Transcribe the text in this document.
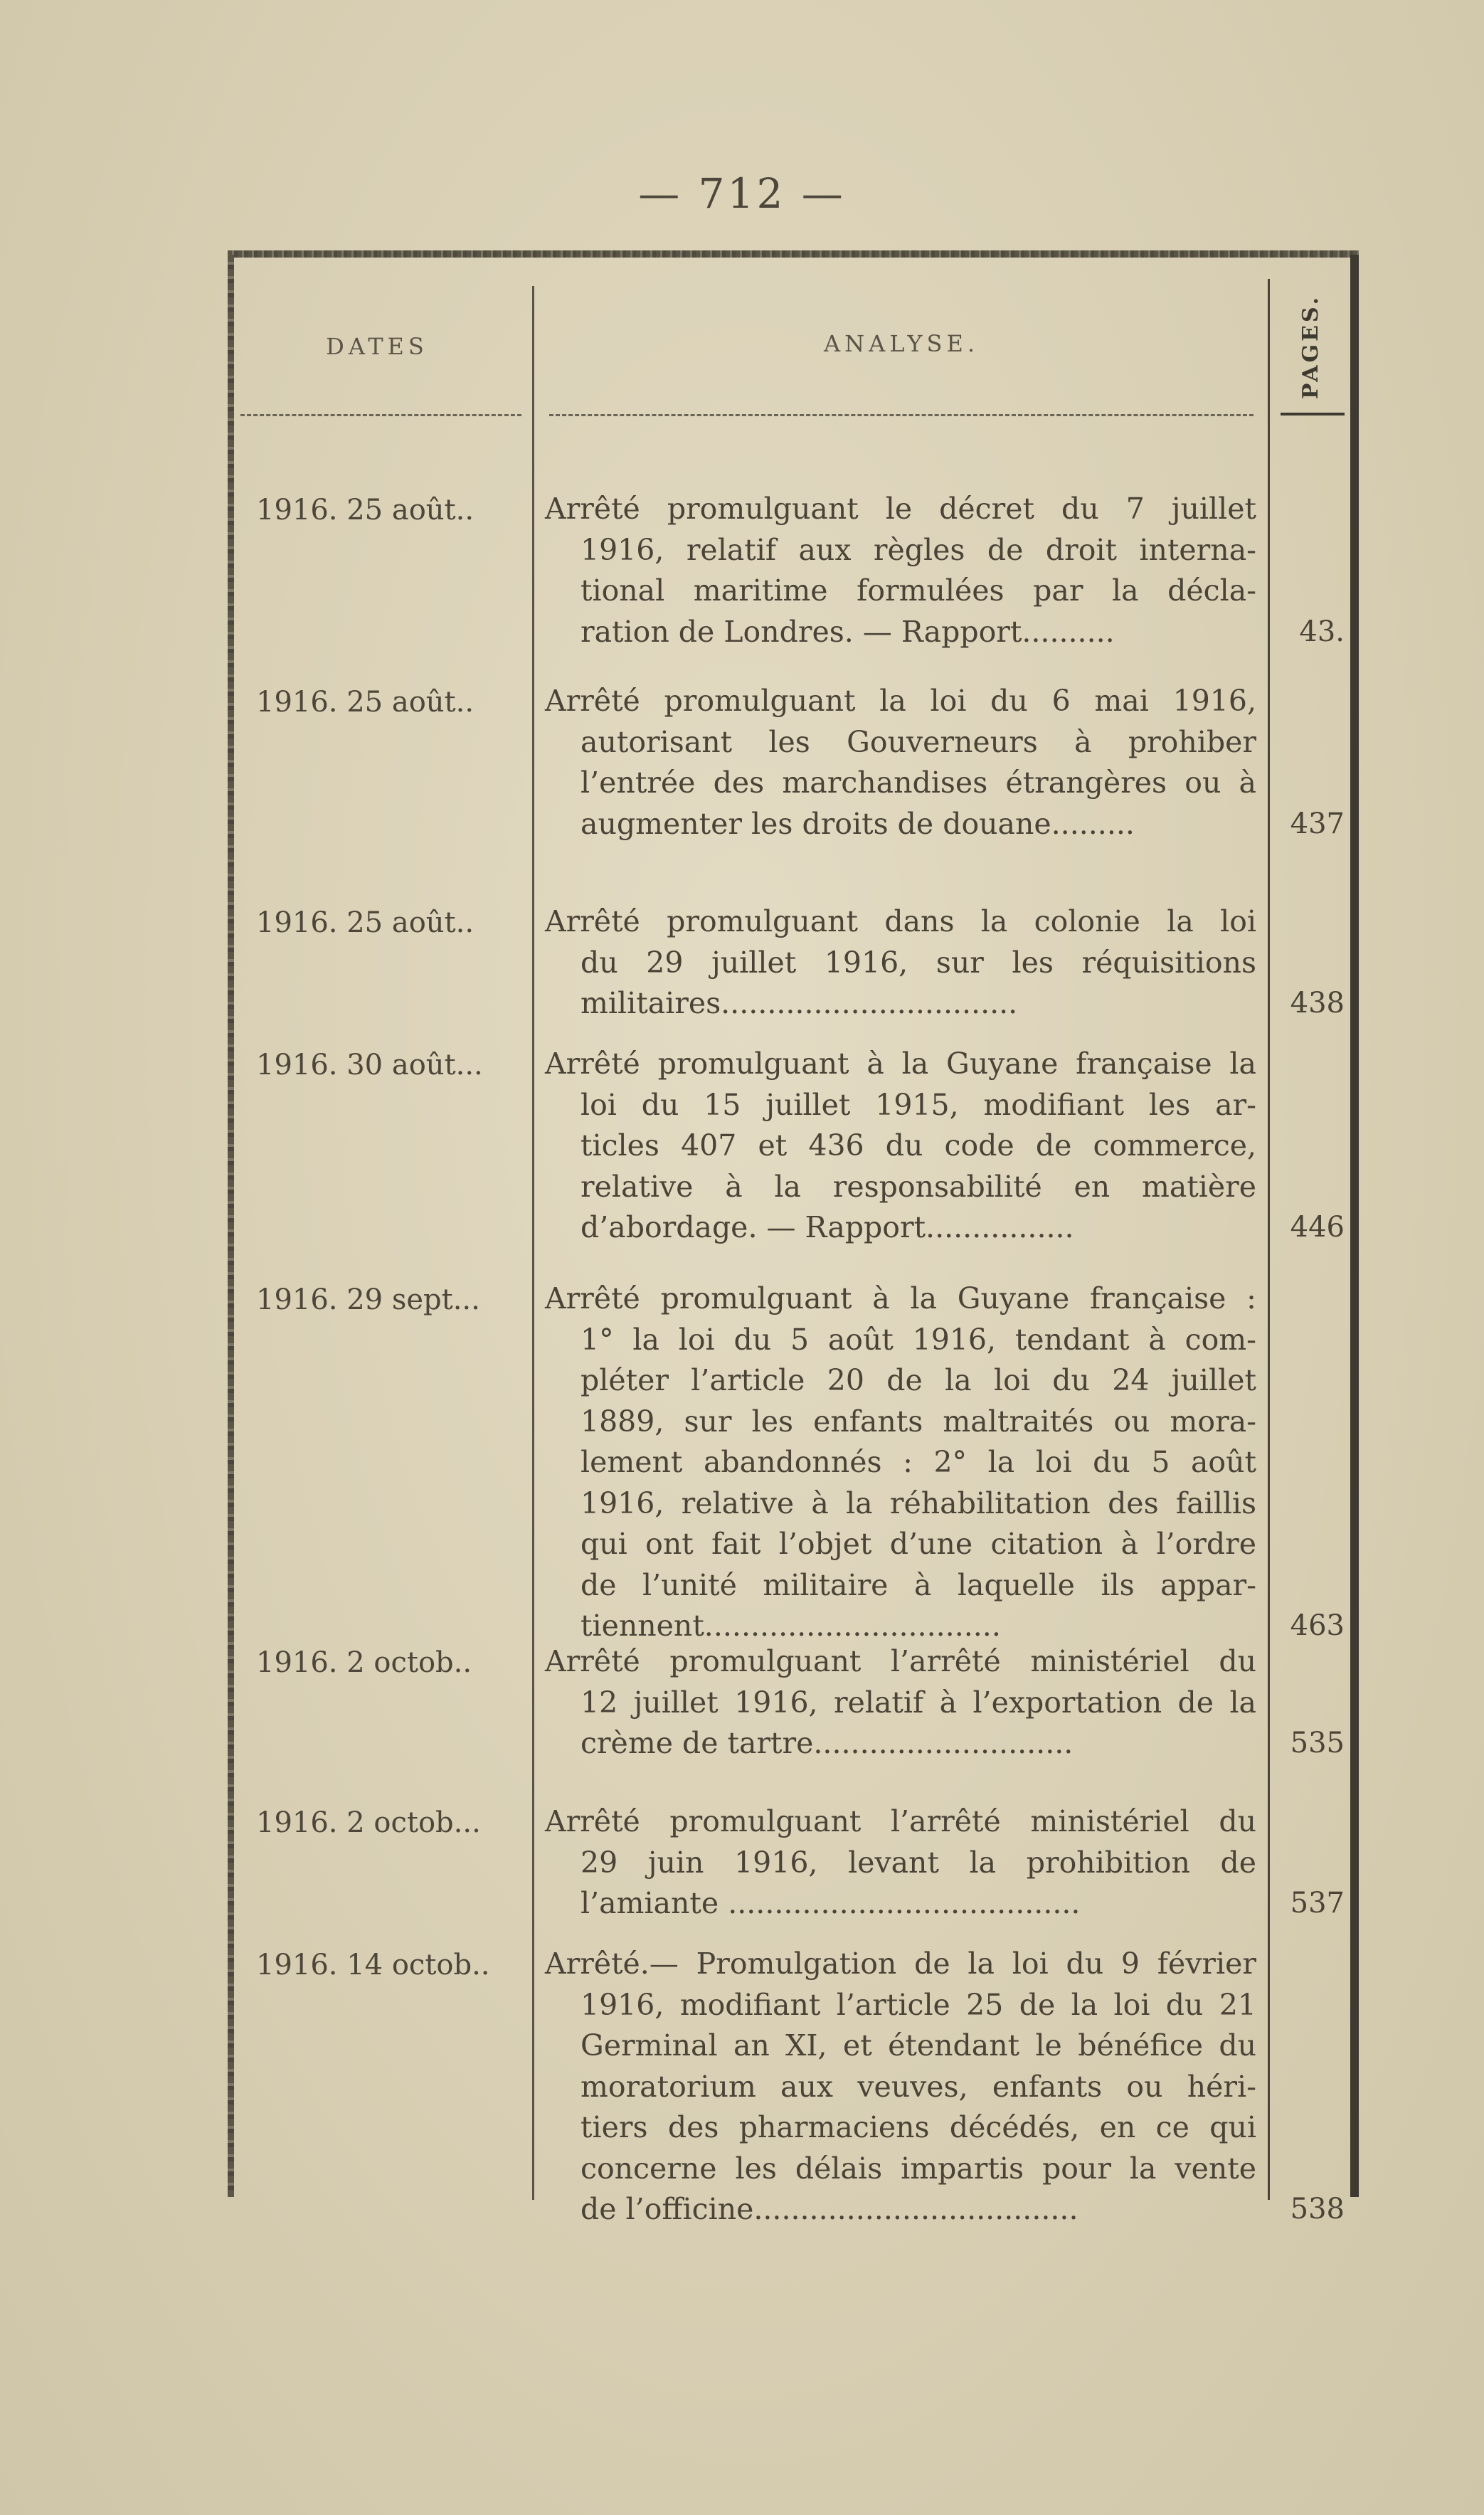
— 712 —
DATES	ANALYSE.	PAGES.
1916. 25 août..	Arrêté promulguant le décret du 7 juillet
1916, relatif aux règles de droit interna-
tional maritime formulées par la décla-
ration de Londres. — Rapport..........	43.
1916. 25 août..	Arrêté promulguant la loi du 6 mai 1916,
autorisant les Gouverneurs à prohiber
l’entrée des marchandises étrangères ou à
augmenter les droits de douane.........	437
1916. 25 août..	Arrêté promulguant dans la colonie la loi
du 29 juillet 1916, sur les réquisitions
militaires................................	438
1916. 30 août...	Arrêté promulguant à la Guyane française la
loi du 15 juillet 1915, modifiant les ar-
ticles 407 et 436 du code de commerce,
relative à la responsabilité en matière
d’abordage. — Rapport................	446
1916. 29 sept...	Arrêté promulguant à la Guyane française :
1° la loi du 5 août 1916, tendant à com-
pléter l’article 20 de la loi du 24 juillet
1889, sur les enfants maltraités ou mora-
lement abandonnés : 2° la loi du 5 août
1916, relative à la réhabilitation des faillis
qui ont fait l’objet d’une citation à l’ordre
de l’unité militaire à laquelle ils appar-
tiennent................................	463
1916. 2 octob..	Arrêté promulguant l’arrêté ministériel du
12 juillet 1916, relatif à l’exportation de la
crème de tartre............................	535
1916. 2 octob...	Arrêté promulguant l’arrêté ministériel du
29 juin 1916, levant la prohibition de
l’amiante ......................................	537
1916. 14 octob..	Arrêté.— Promulgation de la loi du 9 février
1916, modifiant l’article 25 de la loi du 21
Germinal an XI, et étendant le bénéfice du
moratorium aux veuves, enfants ou héri-
tiers des pharmaciens décédés, en ce qui
concerne les délais impartis pour la vente
de l’officine...................................	538
